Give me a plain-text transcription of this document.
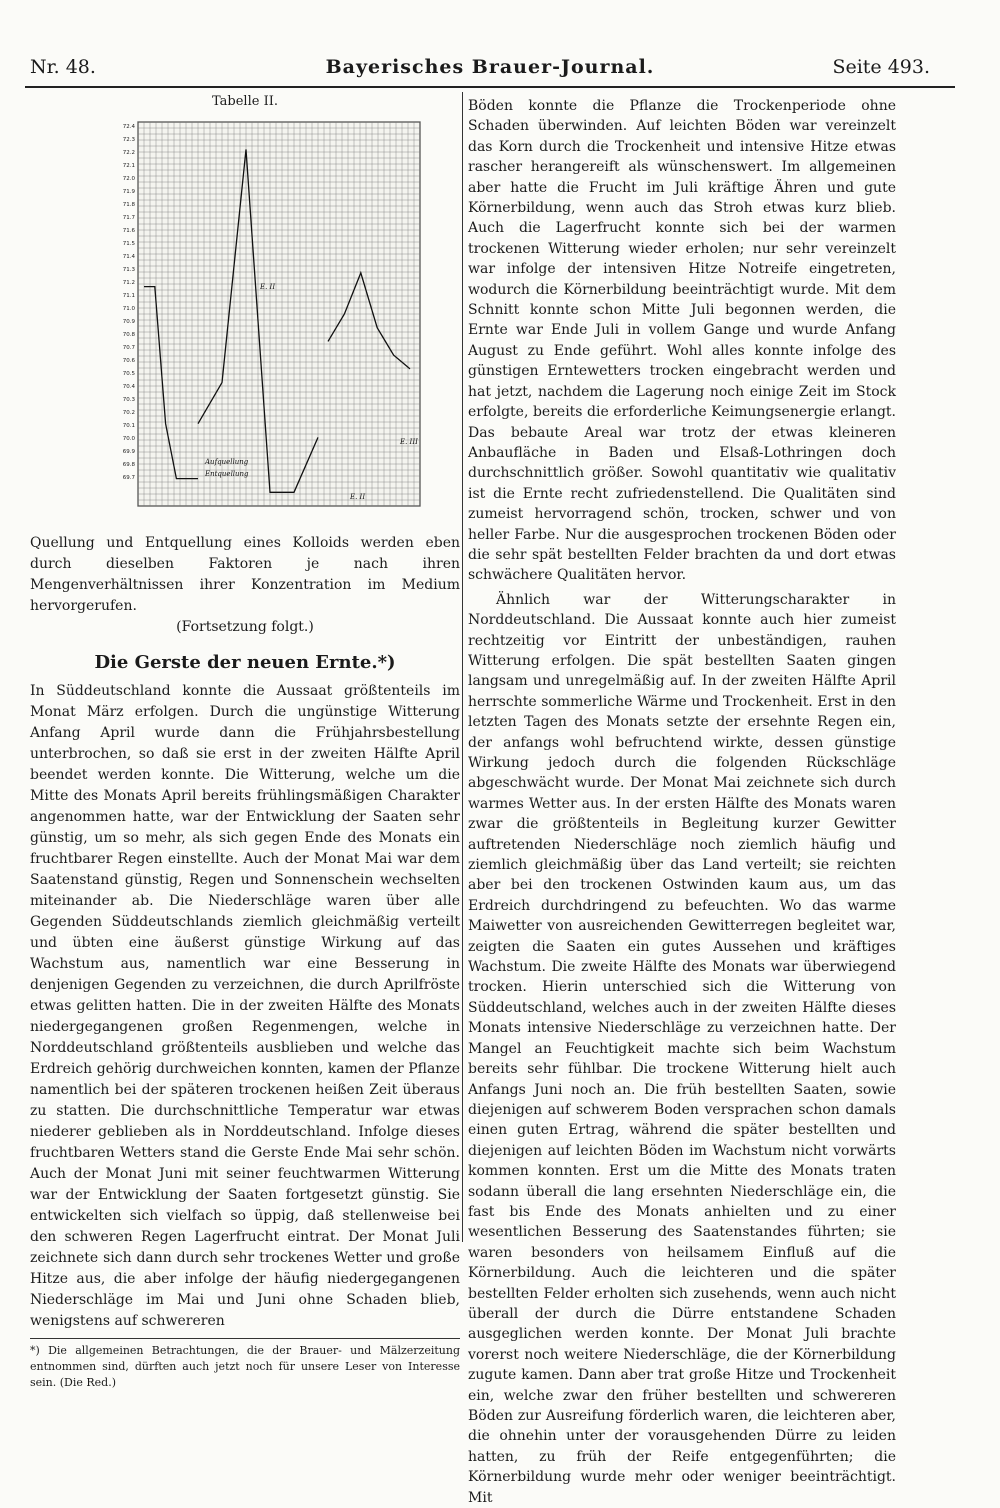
Nr. 48.	Bayerisches Brauer-Journal.	Seite 493.
Tabelle II.
72.4
72.3
72.2
72.1
72.0
71.9
71.8
71.7
71.6
71.5
71.4
71.3
71.2
71.1
71.0
70.9
70.8
70.7
70.6
70.5
70.4
70.3
70.2
70.1
70.0
69.9
69.8
69.7
E. II
E. III
Aufquellung
Entquellung
E. II

Quellung und Entquellung eines Kolloids werden eben durch dieselben Faktoren je nach ihren Mengenverhältnissen ihrer Konzentration im Medium hervorgerufen.

(Fortsetzung folgt.)

Die Gerste der neuen Ernte.*)

In Süddeutschland konnte die Aussaat größtenteils im Monat März erfolgen. Durch die ungünstige Witterung Anfang April wurde dann die Frühjahrsbestellung unterbrochen, so daß sie erst in der zweiten Hälfte April beendet werden konnte. Die Witterung, welche um die Mitte des Monats April bereits frühlingsmäßigen Charakter angenommen hatte, war der Entwicklung der Saaten sehr günstig, um so mehr, als sich gegen Ende des Monats ein fruchtbarer Regen einstellte. Auch der Monat Mai war dem Saatenstand günstig, Regen und Sonnenschein wechselten miteinander ab. Die Niederschläge waren über alle Gegenden Süddeutschlands ziemlich gleichmäßig verteilt und übten eine äußerst günstige Wirkung auf das Wachstum aus, namentlich war eine Besserung in denjenigen Gegenden zu verzeichnen, die durch Aprilfröste etwas gelitten hatten. Die in der zweiten Hälfte des Monats niedergegangenen großen Regenmengen, welche in Norddeutschland größtenteils ausblieben und welche das Erdreich gehörig durchweichen konnten, kamen der Pflanze namentlich bei der späteren trockenen heißen Zeit überaus zu statten. Die durchschnittliche Temperatur war etwas niederer geblieben als in Norddeutschland. Infolge dieses fruchtbaren Wetters stand die Gerste Ende Mai sehr schön. Auch der Monat Juni mit seiner feuchtwarmen Witterung war der Entwicklung der Saaten fortgesetzt günstig. Sie entwickelten sich vielfach so üppig, daß stellenweise bei den schweren Regen Lagerfrucht eintrat. Der Monat Juli zeichnete sich dann durch sehr trockenes Wetter und große Hitze aus, die aber infolge der häufig niedergegangenen Niederschläge im Mai und Juni ohne Schaden blieb, wenigstens auf schwereren

*) Die allgemeinen Betrachtungen, die der Brauer- und Mälzerzeitung entnommen sind, dürften auch jetzt noch für unsere Leser von Interesse sein. (Die Red.)

Böden konnte die Pflanze die Trockenperiode ohne Schaden überwinden. Auf leichten Böden war vereinzelt das Korn durch die Trockenheit und intensive Hitze etwas rascher herangereift als wünschenswert. Im allgemeinen aber hatte die Frucht im Juli kräftige Ähren und gute Körnerbildung, wenn auch das Stroh etwas kurz blieb. Auch die Lagerfrucht konnte sich bei der warmen trockenen Witterung wieder erholen; nur sehr vereinzelt war infolge der intensiven Hitze Notreife eingetreten, wodurch die Körnerbildung beeinträchtigt wurde. Mit dem Schnitt konnte schon Mitte Juli begonnen werden, die Ernte war Ende Juli in vollem Gange und wurde Anfang August zu Ende geführt. Wohl alles konnte infolge des günstigen Erntewetters trocken eingebracht werden und hat jetzt, nachdem die Lagerung noch einige Zeit im Stock erfolgte, bereits die erforderliche Keimungsenergie erlangt. Das bebaute Areal war trotz der etwas kleineren Anbaufläche in Baden und Elsaß-Lothringen doch durchschnittlich größer. Sowohl quantitativ wie qualitativ ist die Ernte recht zufriedenstellend. Die Qualitäten sind zumeist hervorragend schön, trocken, schwer und von heller Farbe. Nur die ausgesprochen trockenen Böden oder die sehr spät bestellten Felder brachten da und dort etwas schwächere Qualitäten hervor.

Ähnlich war der Witterungscharakter in Norddeutschland. Die Aussaat konnte auch hier zumeist rechtzeitig vor Eintritt der unbeständigen, rauhen Witterung erfolgen. Die spät bestellten Saaten gingen langsam und unregelmäßig auf. In der zweiten Hälfte April herrschte sommerliche Wärme und Trockenheit. Erst in den letzten Tagen des Monats setzte der ersehnte Regen ein, der anfangs wohl befruchtend wirkte, dessen günstige Wirkung jedoch durch die folgenden Rückschläge abgeschwächt wurde. Der Monat Mai zeichnete sich durch warmes Wetter aus. In der ersten Hälfte des Monats waren zwar die größtenteils in Begleitung kurzer Gewitter auftretenden Niederschläge noch ziemlich häufig und ziemlich gleichmäßig über das Land verteilt; sie reichten aber bei den trockenen Ostwinden kaum aus, um das Erdreich durchdringend zu befeuchten. Wo das warme Maiwetter von ausreichenden Gewitterregen begleitet war, zeigten die Saaten ein gutes Aussehen und kräftiges Wachstum. Die zweite Hälfte des Monats war überwiegend trocken. Hierin unterschied sich die Witterung von Süddeutschland, welches auch in der zweiten Hälfte dieses Monats intensive Niederschläge zu verzeichnen hatte. Der Mangel an Feuchtigkeit machte sich beim Wachstum bereits sehr fühlbar. Die trockene Witterung hielt auch Anfangs Juni noch an. Die früh bestellten Saaten, sowie diejenigen auf schwerem Boden versprachen schon damals einen guten Ertrag, während die später bestellten und diejenigen auf leichten Böden im Wachstum nicht vorwärts kommen konnten. Erst um die Mitte des Monats traten sodann überall die lang ersehnten Niederschläge ein, die fast bis Ende des Monats anhielten und zu einer wesentlichen Besserung des Saatenstandes führten; sie waren besonders von heilsamem Einfluß auf die Körnerbildung. Auch die leichteren und die später bestellten Felder erholten sich zusehends, wenn auch nicht überall der durch die Dürre entstandene Schaden ausgeglichen werden konnte. Der Monat Juli brachte vorerst noch weitere Niederschläge, die der Körnerbildung zugute kamen. Dann aber trat große Hitze und Trockenheit ein, welche zwar den früher bestellten und schwereren Böden zur Ausreifung förderlich waren, die leichteren aber, die ohnehin unter der vorausgehenden Dürre zu leiden hatten, zu früh der Reife entgegenführten; die Körnerbildung wurde mehr oder weniger beeinträchtigt. Mit
